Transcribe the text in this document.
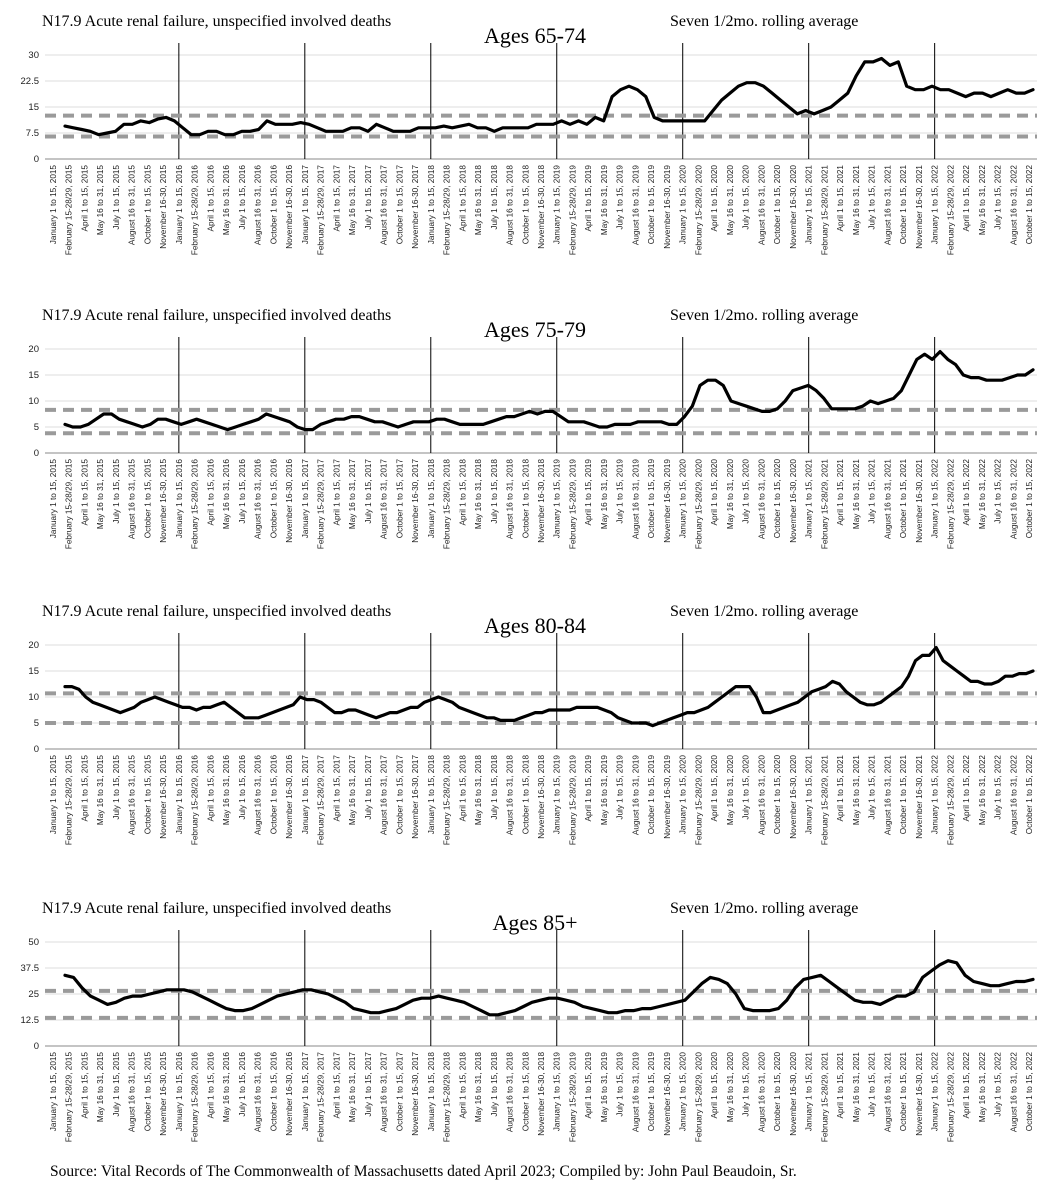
N17.9 Acute renal failure, unspecified involved deaths
Ages 65-74
Seven 1/2mo. rolling average
0
7.5
15
22.5
30
January 1 to 15, 2015 February 15-28/29, 2015 April 1 to 15, 2015 May 16 to 31, 2015 July 1 to 15, 2015 August 16 to 31, 2015 October 1 to 15, 2015 November 16-30, 2015 January 1 to 15, 2016 February 15-28/29, 2016 April 1 to 15, 2016 May 16 to 31, 2016 July 1 to 15, 2016 August 16 to 31, 2016 October 1 to 15, 2016 November 16-30, 2016 January 1 to 15, 2017 February 15-28/29, 2017 April 1 to 15, 2017 May 16 to 31, 2017 July 1 to 15, 2017 August 16 to 31, 2017 October 1 to 15, 2017 November 16-30, 2017 January 1 to 15, 2018 February 15-28/29, 2018 April 1 to 15, 2018 May 16 to 31, 2018 July 1 to 15, 2018 August 16 to 31, 2018 October 1 to 15, 2018 November 16-30, 2018 January 1 to 15, 2019 February 15-28/29, 2019 April 1 to 15, 2019 May 16 to 31, 2019 July 1 to 15, 2019 August 16 to 31, 2019 October 1 to 15, 2019 November 16-30, 2019 January 1 to 15, 2020 February 15-28/29, 2020 April 1 to 15, 2020 May 16 to 31, 2020 July 1 to 15, 2020 August 16 to 31, 2020 October 1 to 15, 2020 November 16-30, 2020 January 1 to 15, 2021 February 15-28/29, 2021 April 1 to 15, 2021 May 16 to 31, 2021 July 1 to 15, 2021 August 16 to 31, 2021 October 1 to 15, 2021 November 16-30, 2021 January 1 to 15, 2022 February 15-28/29, 2022 April 1 to 15, 2022 May 16 to 31, 2022 July 1 to 15, 2022 August 16 to 31, 2022 October 1 to 15, 2022
N17.9 Acute renal failure, unspecified involved deaths
Ages 75-79
Seven 1/2mo. rolling average
0
5
10
15
20
January 1 to 15, 2015 February 15-28/29, 2015 April 1 to 15, 2015 May 16 to 31, 2015 July 1 to 15, 2015 August 16 to 31, 2015 October 1 to 15, 2015 November 16-30, 2015 January 1 to 15, 2016 February 15-28/29, 2016 April 1 to 15, 2016 May 16 to 31, 2016 July 1 to 15, 2016 August 16 to 31, 2016 October 1 to 15, 2016 November 16-30, 2016 January 1 to 15, 2017 February 15-28/29, 2017 April 1 to 15, 2017 May 16 to 31, 2017 July 1 to 15, 2017 August 16 to 31, 2017 October 1 to 15, 2017 November 16-30, 2017 January 1 to 15, 2018 February 15-28/29, 2018 April 1 to 15, 2018 May 16 to 31, 2018 July 1 to 15, 2018 August 16 to 31, 2018 October 1 to 15, 2018 November 16-30, 2018 January 1 to 15, 2019 February 15-28/29, 2019 April 1 to 15, 2019 May 16 to 31, 2019 July 1 to 15, 2019 August 16 to 31, 2019 October 1 to 15, 2019 November 16-30, 2019 January 1 to 15, 2020 February 15-28/29, 2020 April 1 to 15, 2020 May 16 to 31, 2020 July 1 to 15, 2020 August 16 to 31, 2020 October 1 to 15, 2020 November 16-30, 2020 January 1 to 15, 2021 February 15-28/29, 2021 April 1 to 15, 2021 May 16 to 31, 2021 July 1 to 15, 2021 August 16 to 31, 2021 October 1 to 15, 2021 November 16-30, 2021 January 1 to 15, 2022 February 15-28/29, 2022 April 1 to 15, 2022 May 16 to 31, 2022 July 1 to 15, 2022 August 16 to 31, 2022 October 1 to 15, 2022
N17.9 Acute renal failure, unspecified involved deaths
Ages 80-84
Seven 1/2mo. rolling average
0
5
10
15
20
January 1 to 15, 2015 February 15-28/29, 2015 April 1 to 15, 2015 May 16 to 31, 2015 July 1 to 15, 2015 August 16 to 31, 2015 October 1 to 15, 2015 November 16-30, 2015 January 1 to 15, 2016 February 15-28/29, 2016 April 1 to 15, 2016 May 16 to 31, 2016 July 1 to 15, 2016 August 16 to 31, 2016 October 1 to 15, 2016 November 16-30, 2016 January 1 to 15, 2017 February 15-28/29, 2017 April 1 to 15, 2017 May 16 to 31, 2017 July 1 to 15, 2017 August 16 to 31, 2017 October 1 to 15, 2017 November 16-30, 2017 January 1 to 15, 2018 February 15-28/29, 2018 April 1 to 15, 2018 May 16 to 31, 2018 July 1 to 15, 2018 August 16 to 31, 2018 October 1 to 15, 2018 November 16-30, 2018 January 1 to 15, 2019 February 15-28/29, 2019 April 1 to 15, 2019 May 16 to 31, 2019 July 1 to 15, 2019 August 16 to 31, 2019 October 1 to 15, 2019 November 16-30, 2019 January 1 to 15, 2020 February 15-28/29, 2020 April 1 to 15, 2020 May 16 to 31, 2020 July 1 to 15, 2020 August 16 to 31, 2020 October 1 to 15, 2020 November 16-30, 2020 January 1 to 15, 2021 February 15-28/29, 2021 April 1 to 15, 2021 May 16 to 31, 2021 July 1 to 15, 2021 August 16 to 31, 2021 October 1 to 15, 2021 November 16-30, 2021 January 1 to 15, 2022 February 15-28/29, 2022 April 1 to 15, 2022 May 16 to 31, 2022 July 1 to 15, 2022 August 16 to 31, 2022 October 1 to 15, 2022
N17.9 Acute renal failure, unspecified involved deaths
Ages 85+
Seven 1/2mo. rolling average
0
12.5
25
37.5
50
January 1 to 15, 2015 February 15-28/29, 2015 April 1 to 15, 2015 May 16 to 31, 2015 July 1 to 15, 2015 August 16 to 31, 2015 October 1 to 15, 2015 November 16-30, 2015 January 1 to 15, 2016 February 15-28/29, 2016 April 1 to 15, 2016 May 16 to 31, 2016 July 1 to 15, 2016 August 16 to 31, 2016 October 1 to 15, 2016 November 16-30, 2016 January 1 to 15, 2017 February 15-28/29, 2017 April 1 to 15, 2017 May 16 to 31, 2017 July 1 to 15, 2017 August 16 to 31, 2017 October 1 to 15, 2017 November 16-30, 2017 January 1 to 15, 2018 February 15-28/29, 2018 April 1 to 15, 2018 May 16 to 31, 2018 July 1 to 15, 2018 August 16 to 31, 2018 October 1 to 15, 2018 November 16-30, 2018 January 1 to 15, 2019 February 15-28/29, 2019 April 1 to 15, 2019 May 16 to 31, 2019 July 1 to 15, 2019 August 16 to 31, 2019 October 1 to 15, 2019 November 16-30, 2019 January 1 to 15, 2020 February 15-28/29, 2020 April 1 to 15, 2020 May 16 to 31, 2020 July 1 to 15, 2020 August 16 to 31, 2020 October 1 to 15, 2020 November 16-30, 2020 January 1 to 15, 2021 February 15-28/29, 2021 April 1 to 15, 2021 May 16 to 31, 2021 July 1 to 15, 2021 August 16 to 31, 2021 October 1 to 15, 2021 November 16-30, 2021 January 1 to 15, 2022 February 15-28/29, 2022 April 1 to 15, 2022 May 16 to 31, 2022 July 1 to 15, 2022 August 16 to 31, 2022 October 1 to 15, 2022
Source: Vital Records of The Commonwealth of Massachusetts dated April 2023; Compiled by: John Paul Beaudoin, Sr.
